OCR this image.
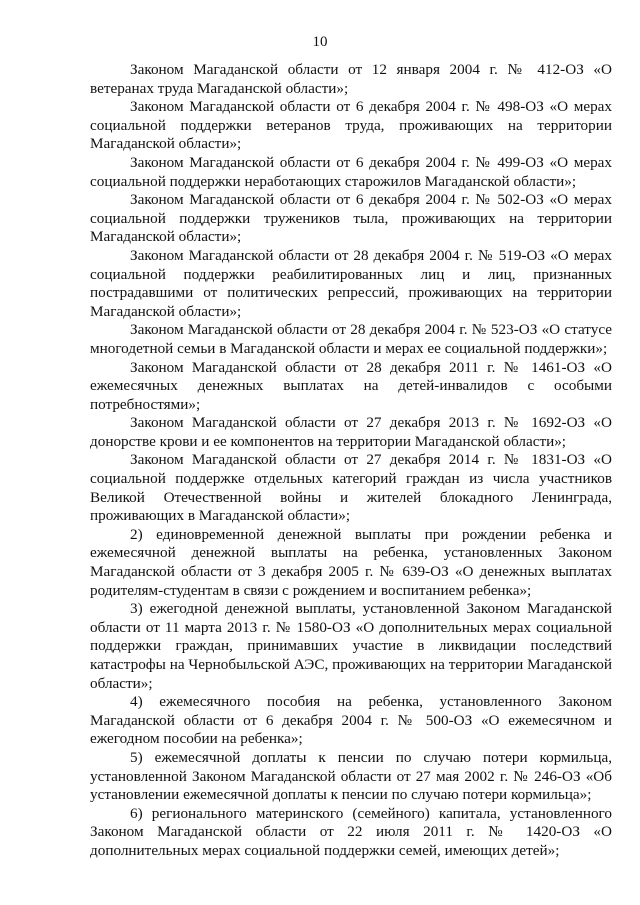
10

Законом Магаданской области от 12 января 2004 г. № 412-ОЗ «О ветеранах труда Магаданской области»;

Законом Магаданской области от 6 декабря 2004 г. № 498-ОЗ «О мерах социальной поддержки ветеранов труда, проживающих на территории Магаданской области»;

Законом Магаданской области от 6 декабря 2004 г. № 499-ОЗ «О мерах социальной поддержки неработающих старожилов Магаданской области»;

Законом Магаданской области от 6 декабря 2004 г. № 502-ОЗ «О мерах социальной поддержки тружеников тыла, проживающих на территории Магаданской области»;

Законом Магаданской области от 28 декабря 2004 г. № 519-ОЗ «О мерах социальной поддержки реабилитированных лиц и лиц, признанных пострадавшими от политических репрессий, проживающих на территории Магаданской области»;

Законом Магаданской области от 28 декабря 2004 г. № 523-ОЗ «О статусе многодетной семьи в Магаданской области и мерах ее социальной поддержки»;

Законом Магаданской области от 28 декабря 2011 г. № 1461-ОЗ «О ежемесячных денежных выплатах на детей-инвалидов с особыми потребностями»;

Законом Магаданской области от 27 декабря 2013 г. № 1692-ОЗ «О донорстве крови и ее компонентов на территории Магаданской области»;

Законом Магаданской области от 27 декабря 2014 г. № 1831-ОЗ «О социальной поддержке отдельных категорий граждан из числа участников Великой Отечественной войны и жителей блокадного Ленинграда, проживающих в Магаданской области»;

2) единовременной денежной выплаты при рождении ребенка и ежемесячной денежной выплаты на ребенка, установленных Законом Магаданской области от 3 декабря 2005 г. № 639-ОЗ «О денежных выплатах родителям-студентам в связи с рождением и воспитанием ребенка»;

3) ежегодной денежной выплаты, установленной Законом Магаданской области от 11 марта 2013 г. № 1580-ОЗ «О дополнительных мерах социальной поддержки граждан, принимавших участие в ликвидации последствий катастрофы на Чернобыльской АЭС, проживающих на территории Магаданской области»;

4) ежемесячного пособия на ребенка, установленного Законом Магаданской области от 6 декабря 2004 г. № 500-ОЗ «О ежемесячном и ежегодном пособии на ребенка»;

5) ежемесячной доплаты к пенсии по случаю потери кормильца, установленной Законом Магаданской области от 27 мая 2002 г. № 246-ОЗ «Об установлении ежемесячной доплаты к пенсии по случаю потери кормильца»;

6) регионального материнского (семейного) капитала, установленного Законом Магаданской области от 22 июля 2011 г. № 1420-ОЗ «О дополнительных мерах социальной поддержки семей, имеющих детей»;
